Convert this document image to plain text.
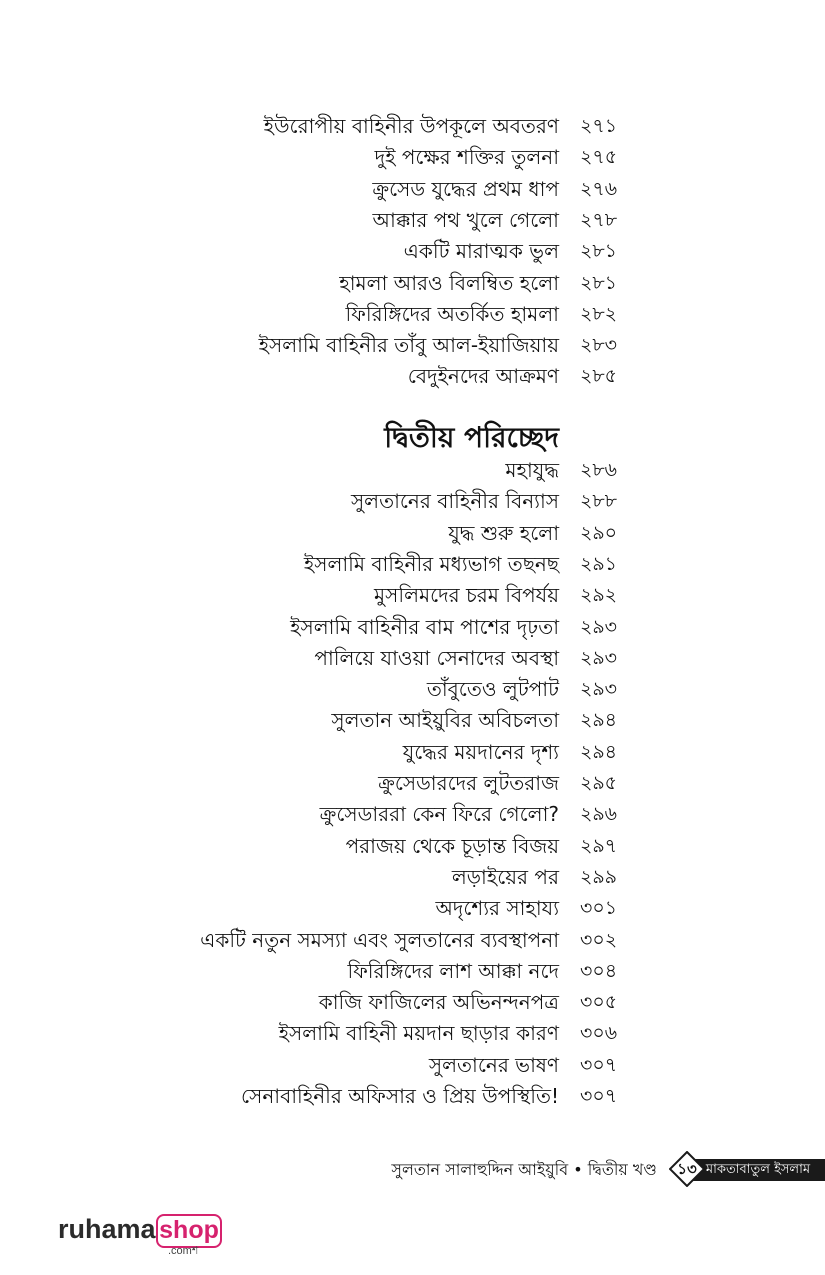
ইউরোপীয় বাহিনীর উপকূলে অবতরণ ২৭১
দুই পক্ষের শক্তির তুলনা ২৭৫
ক্রুসেড যুদ্ধের প্রথম ধাপ ২৭৬
আক্কার পথ খুলে গেলো ২৭৮
একটি মারাত্মক ভুল ২৮১
হামলা আরও বিলম্বিত হলো ২৮১
ফিরিঙ্গিদের অতর্কিত হামলা ২৮২
ইসলামি বাহিনীর তাঁবু আল-ইয়াজিয়ায় ২৮৩
বেদুইনদের আক্রমণ ২৮৫
দ্বিতীয় পরিচ্ছেদ
মহাযুদ্ধ ২৮৬
সুলতানের বাহিনীর বিন্যাস ২৮৮
যুদ্ধ শুরু হলো ২৯০
ইসলামি বাহিনীর মধ্যভাগ তছনছ ২৯১
মুসলিমদের চরম বিপর্যয় ২৯২
ইসলামি বাহিনীর বাম পাশের দৃঢ়তা ২৯৩
পালিয়ে যাওয়া সেনাদের অবস্থা ২৯৩
তাঁবুতেও লুটপাট ২৯৩
সুলতান আইয়ুবির অবিচলতা ২৯৪
যুদ্ধের ময়দানের দৃশ্য ২৯৪
ক্রুসেডারদের লুটতরাজ ২৯৫
ক্রুসেডাররা কেন ফিরে গেলো? ২৯৬
পরাজয় থেকে চূড়ান্ত বিজয় ২৯৭
লড়াইয়ের পর ২৯৯
অদৃশ্যের সাহায্য ৩০১
একটি নতুন সমস্যা এবং সুলতানের ব্যবস্থাপনা ৩০২
ফিরিঙ্গিদের লাশ আক্কা নদে ৩০৪
কাজি ফাজিলের অভিনন্দনপত্র ৩০৫
ইসলামি বাহিনী ময়দান ছাড়ার কারণ ৩০৬
সুলতানের ভাষণ ৩০৭
সেনাবাহিনীর অফিসার ও প্রিয় উপস্থিতি! ৩০৭
সুলতান সালাহুদ্দিন আইয়ুবি • দ্বিতীয় খণ্ড	মাকতাবাতুল ইসলাম
১৩
ruhama shop
.comশ
